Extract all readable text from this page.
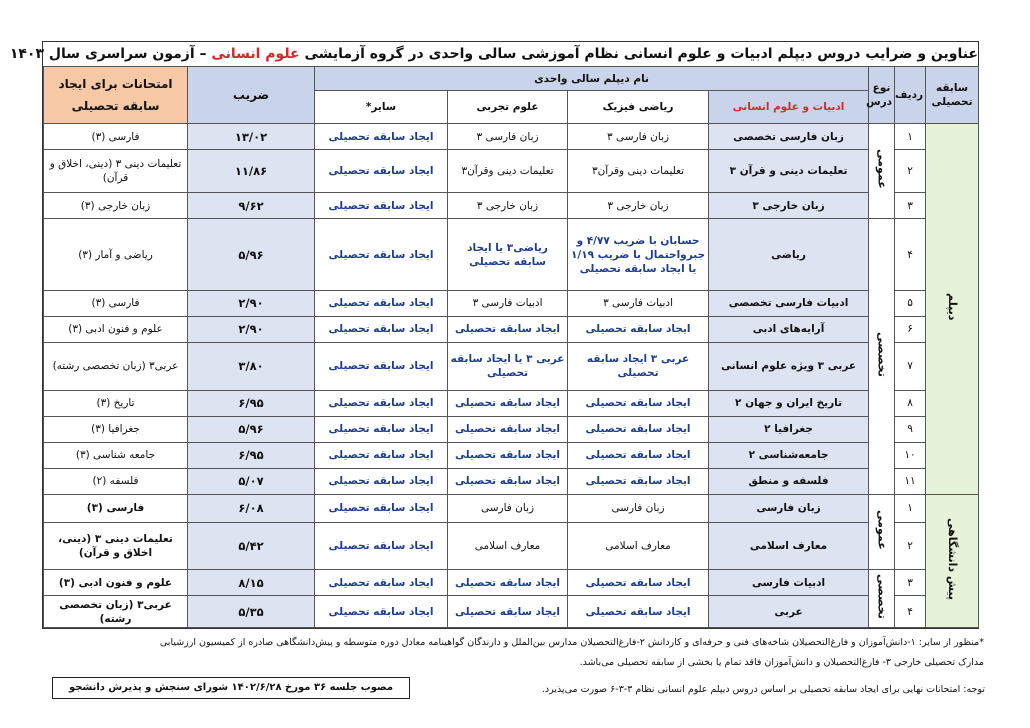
عناوین و ضرایب دروس دیپلم ادبیات و علوم انسانی نظام آموزشی سالی واحدی در گروه آزمایشی علوم انسانی – آزمون سراسری سال ۱۴۰۳
سابقه تحصیلی	ردیف	نوع درس	نام دیپلم سالی واحدی				ضریب	امتحانات برای ایجاد سابقه تحصیلی
			ادبیات و علوم انسانی	ریاضی فیزیک	علوم تجربی	سایر*		
دیپلم	۱	عمومی	زبان فارسی تخصصی	زبان فارسی ۳	زبان فارسی ۳	ایجاد سابقه تحصیلی	۱۳/۰۲	فارسی (۳)
	۲		تعلیمات دینی و قرآن ۳	تعلیمات دینی وقرآن۳	تعلیمات دینی وقرآن۳	ایجاد سابقه تحصیلی	۱۱/۸۶	تعلیمات دینی ۳ (دینی، اخلاق و قرآن)
	۳		زبان خارجی ۳	زبان خارجی ۳	زبان خارجی ۳	ایجاد سابقه تحصیلی	۹/۶۲	زبان خارجی (۳)
	۴	تخصصی	ریاضی	حسابان با ضریب ۴/۷۷ و جبرواحتمال با ضریب ۱/۱۹ یا ایجاد سابقه تحصیلی	ریاضی۳ یا ایجاد سابقه تحصیلی	ایجاد سابقه تحصیلی	۵/۹۶	ریاضی و آمار (۳)
	۵		ادبیات فارسی تخصصی	ادبیات فارسی ۳	ادبیات فارسی ۳	ایجاد سابقه تحصیلی	۲/۹۰	فارسی (۳)
	۶		آرایه‌های ادبی	ایجاد سابقه تحصیلی	ایجاد سابقه تحصیلی	ایجاد سابقه تحصیلی	۲/۹۰	علوم و فنون ادبی (۳)
	۷		عربی ۳ ویژه علوم انسانی	عربی ۳ ایجاد سابقه تحصیلی	عربی ۳ یا ایجاد سابقه تحصیلی	ایجاد سابقه تحصیلی	۳/۸۰	عربی۳ (زبان تخصصی رشته)
	۸		تاریخ ایران و جهان ۲	ایجاد سابقه تحصیلی	ایجاد سابقه تحصیلی	ایجاد سابقه تحصیلی	۶/۹۵	تاریخ (۳)
	۹		جغرافیا ۲	ایجاد سابقه تحصیلی	ایجاد سابقه تحصیلی	ایجاد سابقه تحصیلی	۵/۹۶	جغرافیا (۳)
	۱۰		جامعه‌شناسی ۲	ایجاد سابقه تحصیلی	ایجاد سابقه تحصیلی	ایجاد سابقه تحصیلی	۶/۹۵	جامعه شناسی (۳)
	۱۱		فلسفه و منطق	ایجاد سابقه تحصیلی	ایجاد سابقه تحصیلی	ایجاد سابقه تحصیلی	۵/۰۷	فلسفه (۲)
پیش دانشگاهی	۱	عمومی	زبان فارسی	زبان فارسی	زبان فارسی	ایجاد سابقه تحصیلی	۶/۰۸	فارسی (۳)
	۲		معارف اسلامی	معارف اسلامی	معارف اسلامی	ایجاد سابقه تحصیلی	۵/۴۲	تعلیمات دینی ۳ (دینی، اخلاق و قرآن)
	۳	تخصصی	ادبیات فارسی	ایجاد سابقه تحصیلی	ایجاد سابقه تحصیلی	ایجاد سابقه تحصیلی	۸/۱۵	علوم و فنون ادبی (۳)
	۴		عربی	ایجاد سابقه تحصیلی	ایجاد سابقه تحصیلی	ایجاد سابقه تحصیلی	۵/۳۵	عربی۳ (زبان تخصصی رشته)
*منظور از سایر: ۱-دانش‌آموزان و فارغ‌التحصیلان شاخه‌های فنی و حرفه‌ای و کاردانش ۲-فارغ‌التحصیلان مدارس بین‌الملل و دارندگان گواهینامه معادل دوره متوسطه و پیش‌دانشگاهی صادره از کمیسیون ارزشیابی
مدارک تحصیلی خارجی ۳- فارغ‌التحصیلان و دانش‌آموزان فاقد تمام یا بخشی از سابقه تحصیلی می‌باشد.
توجه: امتحانات نهایی برای ایجاد سابقه تحصیلی بر اساس دروس دیپلم علوم انسانی نظام ۳-۳-۶ صورت می‌پذیرد.
مصوب جلسه ۳۶ مورخ ۱۴۰۲/۶/۲۸ شورای سنجش و پذیرش دانشجو
